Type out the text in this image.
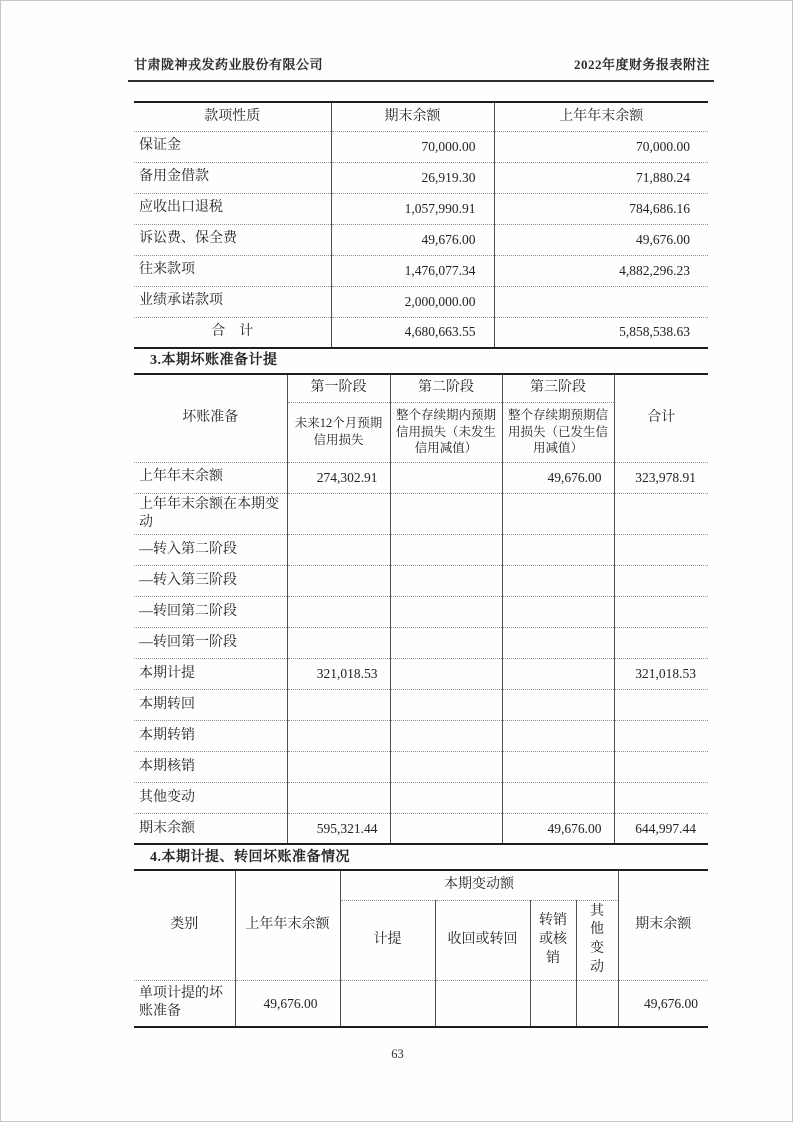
甘肃陇神戎发药业股份有限公司	2022年度财务报表附注
款项性质	期末余额	上年年末余额
保证金	70,000.00	70,000.00
备用金借款	26,919.30	71,880.24
应收出口退税	1,057,990.91	784,686.16
诉讼费、保全费	49,676.00	49,676.00
往来款项	1,476,077.34	4,882,296.23
业绩承诺款项	2,000,000.00	
合　计	4,680,663.55	5,858,538.63
3.本期坏账准备计提
坏账准备	第一阶段	第二阶段	第三阶段	合计
	未来12个月预期信用损失	整个存续期内预期信用损失（未发生信用减值）	整个存续期预期信用损失（已发生信用减值）	
上年年末余额	274,302.91		49,676.00	323,978.91
上年年末余额在本期变动				
—转入第二阶段				
—转入第三阶段				
—转回第二阶段				
—转回第一阶段				
本期计提	321,018.53			321,018.53
本期转回				
本期转销				
本期核销				
其他变动				
期末余额	595,321.44		49,676.00	644,997.44
4.本期计提、转回坏账准备情况
类别	上年年末余额	本期变动额				期末余额
		计提	收回或转回	转销或核销	其他变动	
单项计提的坏账准备	49,676.00					49,676.00
63
